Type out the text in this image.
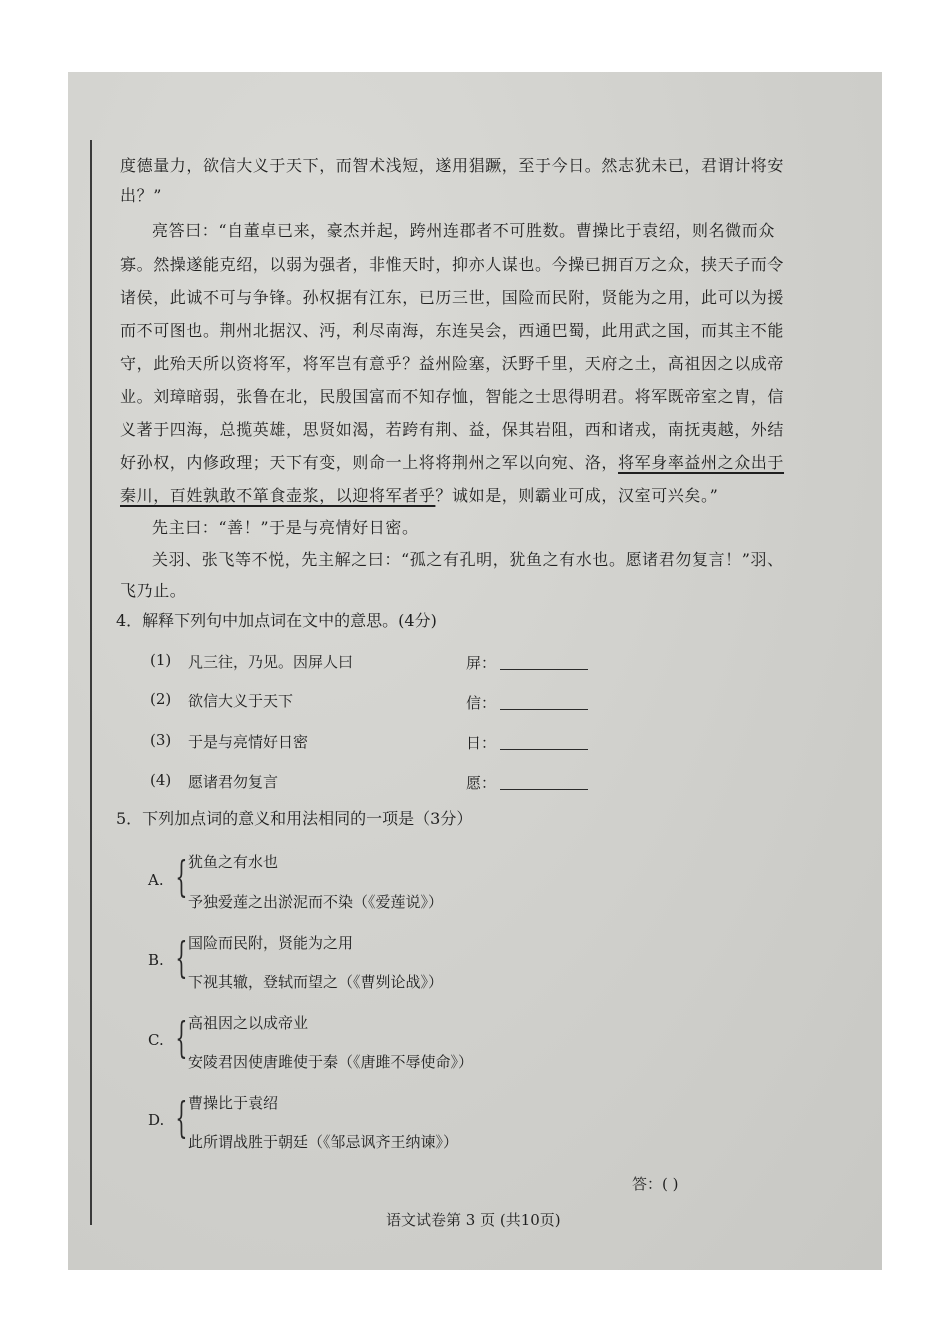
度德量力，欲信大义于天下，而智术浅短，遂用猖蹶，至于今日。然志犹未已，君谓计将安
出？”
亮答曰：“自董卓已来，豪杰并起，跨州连郡者不可胜数。曹操比于袁绍，则名微而众
寡。然操遂能克绍，以弱为强者，非惟天时，抑亦人谋也。今操已拥百万之众，挟天子而令
诸侯，此诚不可与争锋。孙权据有江东，已历三世，国险而民附，贤能为之用，此可以为援
而不可图也。荆州北据汉、沔，利尽南海，东连吴会，西通巴蜀，此用武之国，而其主不能
守，此殆天所以资将军，将军岂有意乎？益州险塞，沃野千里，天府之土，高祖因之以成帝
业。刘璋暗弱，张鲁在北，民殷国富而不知存恤，智能之士思得明君。将军既帝室之胄，信
义著于四海，总揽英雄，思贤如渴，若跨有荆、益，保其岩阻，西和诸戎，南抚夷越，外结
好孙权，内修政理；天下有变，则命一上将将荆州之军以向宛、洛，将军身率益州之众出于
秦川，百姓孰敢不箪食壶浆，以迎将军者乎？诚如是，则霸业可成，汉室可兴矣。”
先主曰：“善！”于是与亮情好日密。
关羽、张飞等不悦，先主解之曰：“孤之有孔明，犹鱼之有水也。愿诸君勿复言！”羽、
飞乃止。
4．解释下列句中加点词在文中的意思。(4分)
(1) 凡三往，乃见。因屏人曰	屏：
(2) 欲信大义于天下	信：
(3) 于是与亮情好日密	日：
(4) 愿诸君勿复言	愿：
5．下列加点词的意义和用法相同的一项是（3分）
A. { 犹鱼之有水也
予独爱莲之出淤泥而不染（《爱莲说》）
B. { 国险而民附，贤能为之用
下视其辙，登轼而望之（《曹刿论战》）
C. { 高祖因之以成帝业
安陵君因使唐雎使于秦（《唐雎不辱使命》）
D. { 曹操比于袁绍
此所谓战胜于朝廷（《邹忌讽齐王纳谏》）
答：( )
语文试卷第 3 页 (共10页)
